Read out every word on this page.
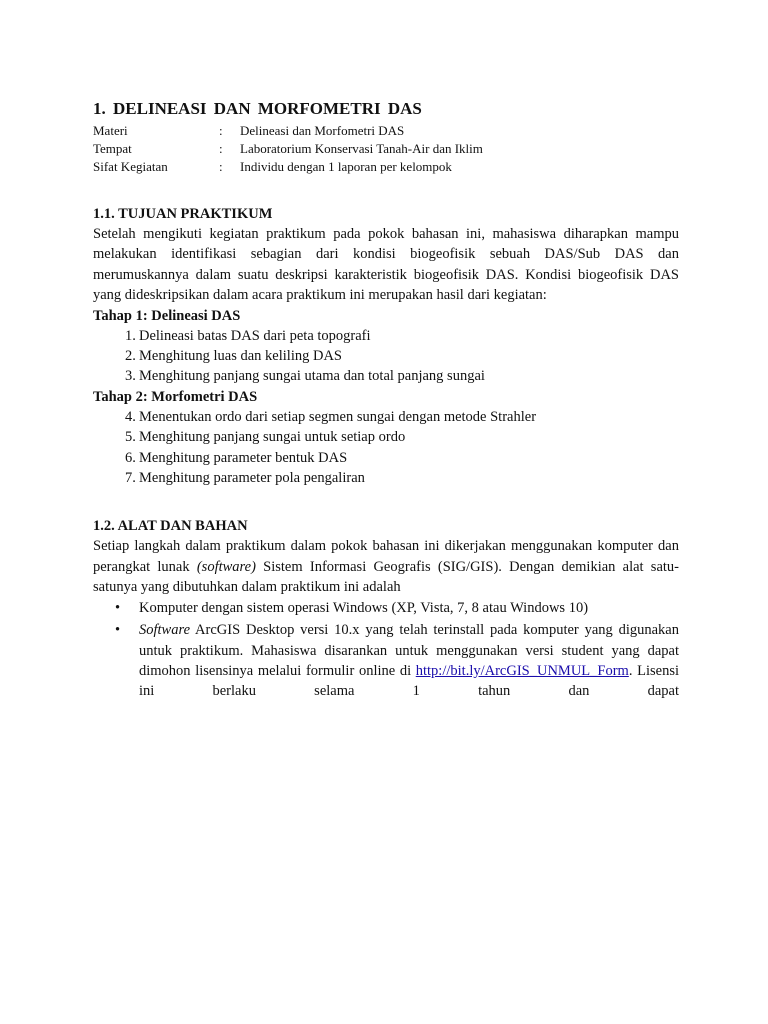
1. DELINEASI DAN MORFOMETRI DAS
Materi	:	Delineasi dan Morfometri DAS
Tempat	:	Laboratorium Konservasi Tanah-Air dan Iklim
Sifat Kegiatan	:	Individu dengan 1 laporan per kelompok
1.1. TUJUAN PRAKTIKUM

Setelah mengikuti kegiatan praktikum pada pokok bahasan ini, mahasiswa diharapkan mampu melakukan identifikasi sebagian dari kondisi biogeofisik sebuah DAS/Sub DAS dan merumuskannya dalam suatu deskripsi karakteristik biogeofisik DAS. Kondisi biogeofisik DAS yang dideskripsikan dalam acara praktikum ini merupakan hasil dari kegiatan:

Tahap 1: Delineasi DAS
1. Delineasi batas DAS dari peta topografi
2. Menghitung luas dan keliling DAS
3. Menghitung panjang sungai utama dan total panjang sungai
Tahap 2: Morfometri DAS
4. Menentukan ordo dari setiap segmen sungai dengan metode Strahler
5. Menghitung panjang sungai untuk setiap ordo
6. Menghitung parameter bentuk DAS
7. Menghitung parameter pola pengaliran
1.2. ALAT DAN BAHAN

Setiap langkah dalam praktikum dalam pokok bahasan ini dikerjakan menggunakan komputer dan perangkat lunak (software) Sistem Informasi Geografis (SIG/GIS). Dengan demikian alat satu-satunya yang dibutuhkan dalam praktikum ini adalah

•	Komputer dengan sistem operasi Windows (XP, Vista, 7, 8 atau Windows 10)
•	Software ArcGIS Desktop versi 10.x yang telah terinstall pada komputer yang digunakan untuk praktikum. Mahasiswa disarankan untuk menggunakan versi student yang dapat dimohon lisensinya melalui formulir online di http://bit.ly/ArcGIS_UNMUL_Form. Lisensi ini berlaku selama 1 tahun dan dapat
